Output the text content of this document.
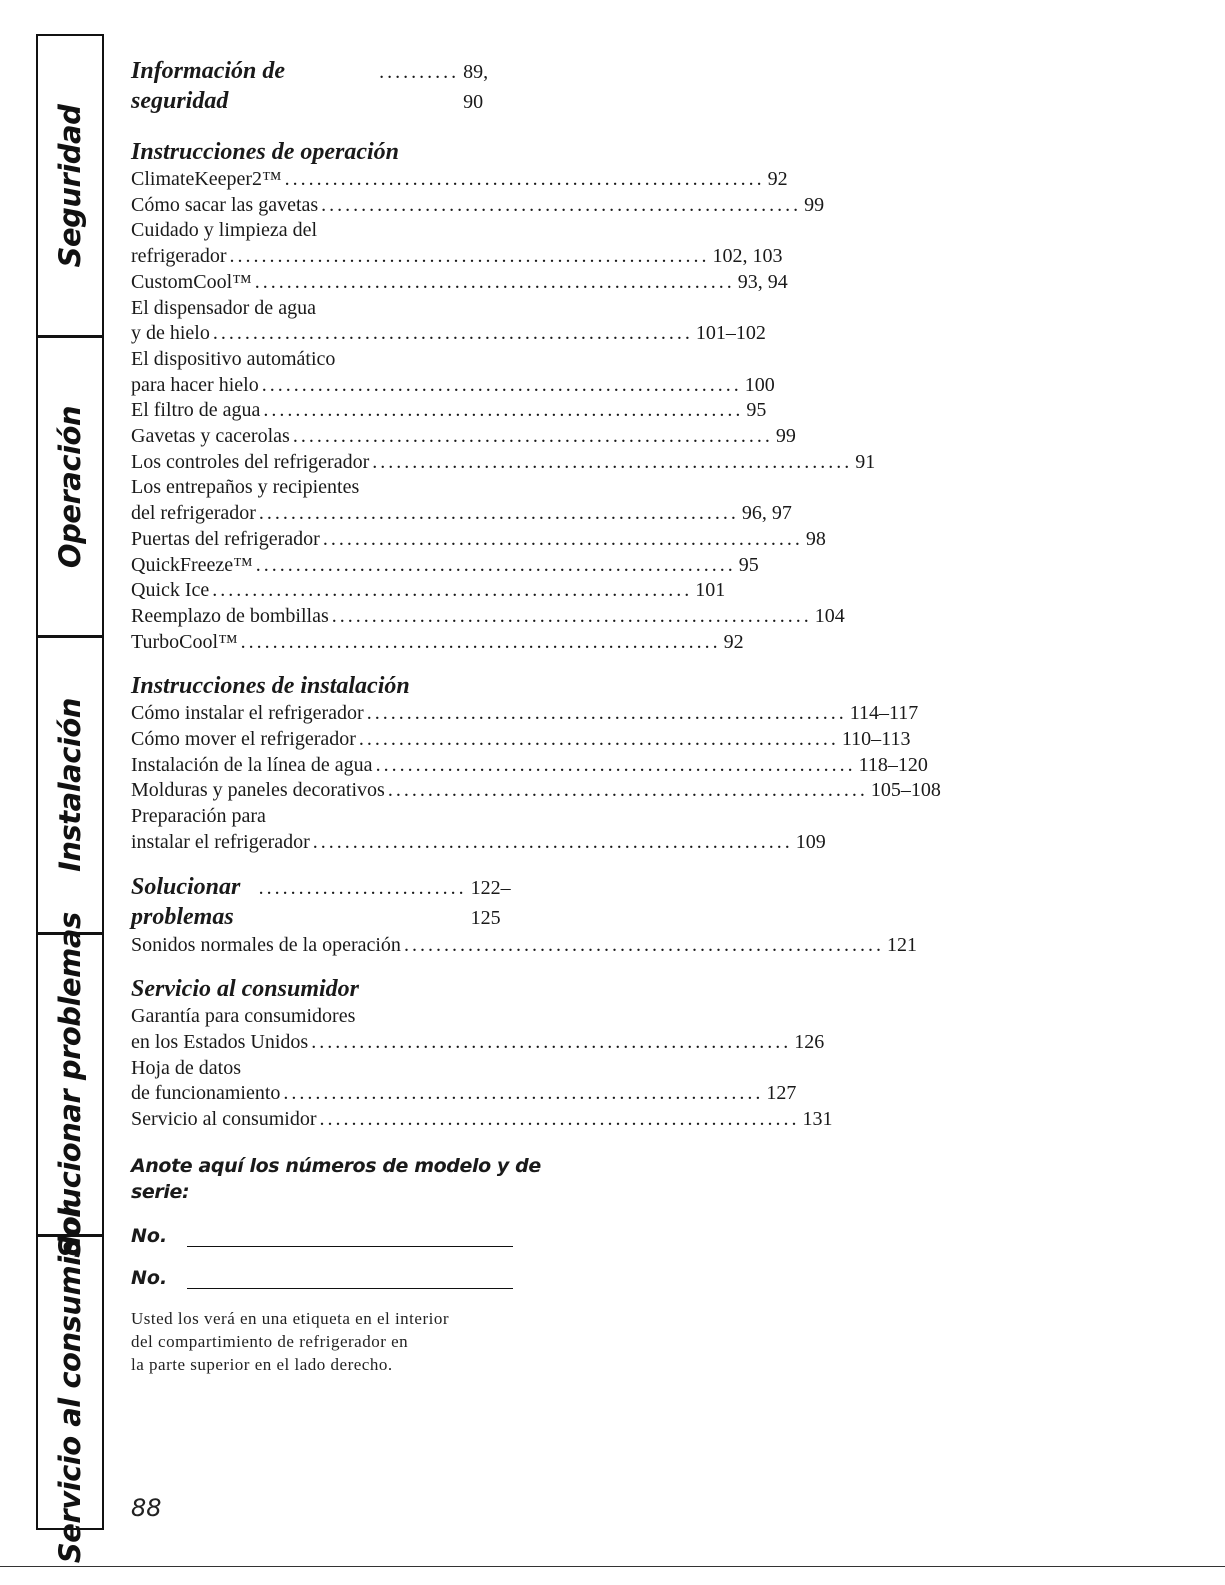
Seguridad
Operación
Instalación
Solucionar problemas
Servicio al consumidor
Información de seguridad
.......... 89, 90
Instrucciones de operación
ClimateKeeper2™ ............................................................ 92
Cómo sacar las gavetas ............................................................ 99
Cuidado y limpieza del
refrigerador ............................................................ 102, 103
CustomCool™ ............................................................ 93, 94
El dispensador de agua
y de hielo ............................................................ 101–102
El dispositivo automático
para hacer hielo ............................................................ 100
El filtro de agua ............................................................ 95
Gavetas y cacerolas ............................................................ 99
Los controles del refrigerador ............................................................ 91
Los entrepaños y recipientes
del refrigerador ............................................................ 96, 97
Puertas del refrigerador ............................................................ 98
QuickFreeze™ ............................................................ 95
Quick Ice ............................................................ 101
Reemplazo de bombillas ............................................................ 104
TurboCool™ ............................................................ 92
Instrucciones de instalación
Cómo instalar el refrigerador ............................................................ 114–117
Cómo mover el refrigerador ............................................................ 110–113
Instalación de la línea de agua ............................................................ 118–120
Molduras y paneles decorativos ............................................................ 105–108
Preparación para
instalar el refrigerador ............................................................ 109
Solucionar problemas
.......................... 122–125
Sonidos normales de la operación ............................................................ 121
Servicio al consumidor
Garantía para consumidores
en los Estados Unidos ............................................................ 126
Hoja de datos
de funcionamiento ............................................................ 127
Servicio al consumidor ............................................................ 131
Anote aquí los números de modelo y de serie:
No.
No.
Usted los verá en una etiqueta en el interior
del compartimiento de refrigerador en
la parte superior en el lado derecho.
88
